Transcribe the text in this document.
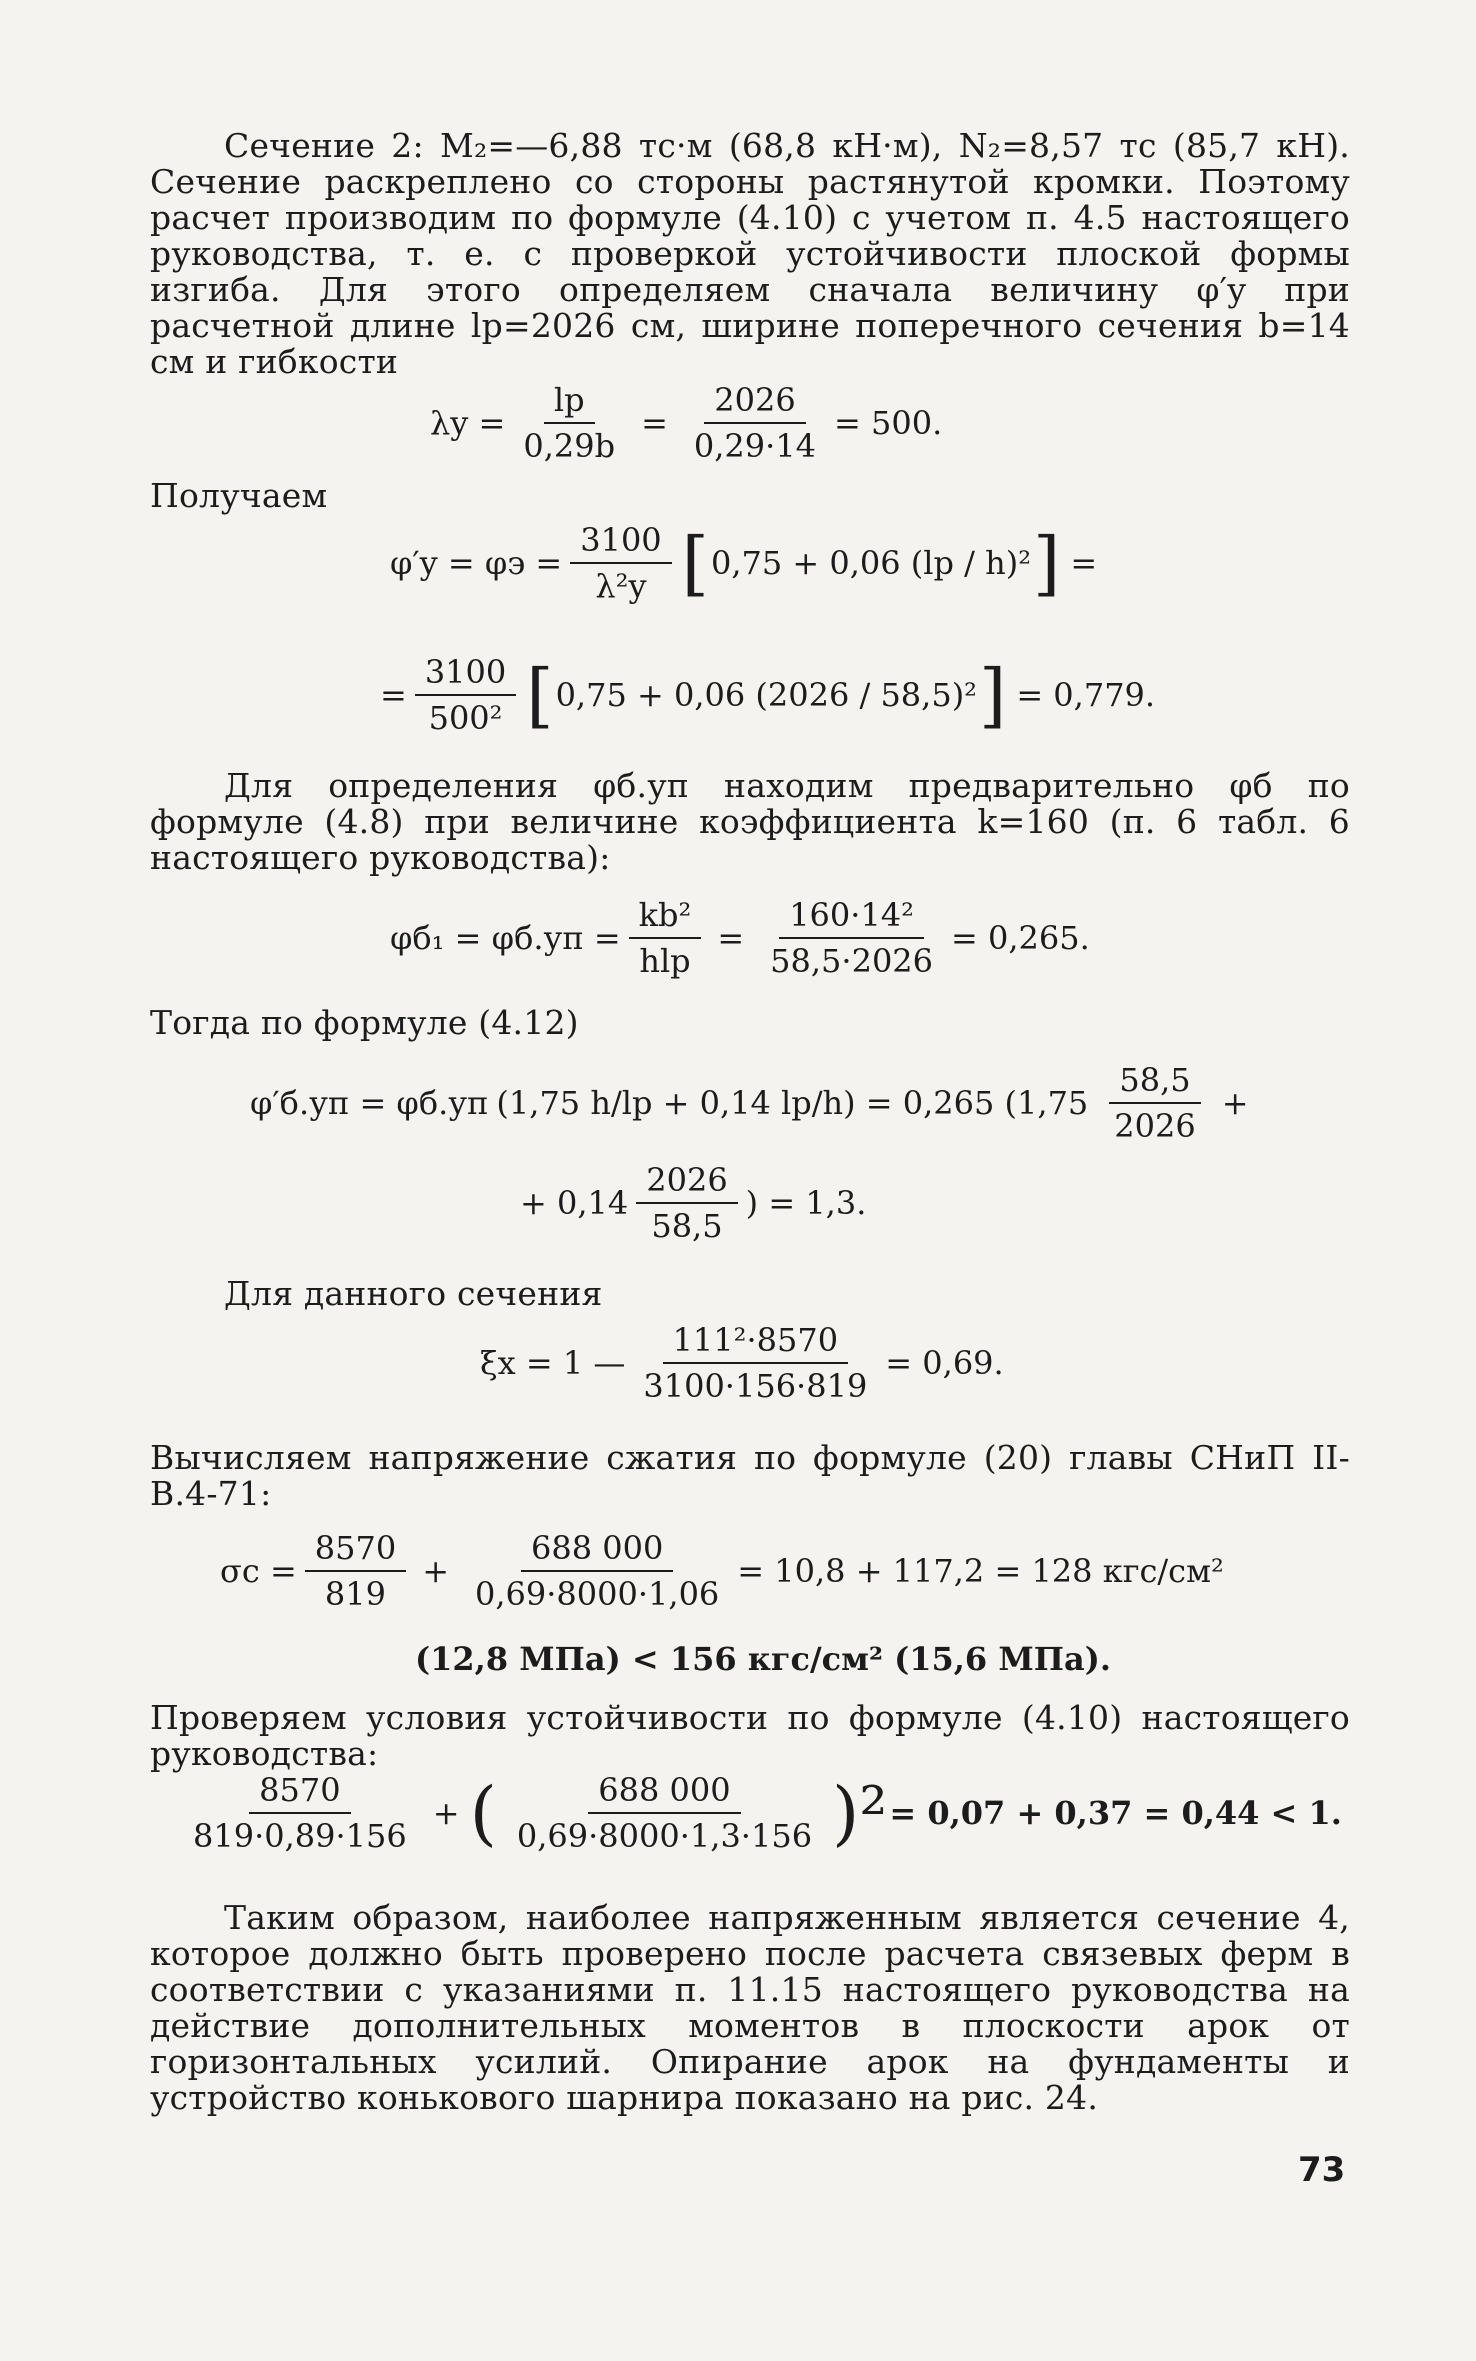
Сечение 2: M₂=—6,88 тс·м (68,8 кН·м), N₂=8,57 тс (85,7 кН). Сечение раскреплено со стороны растянутой кромки. Поэтому расчет производим по формуле (4.10) с учетом п. 4.5 настоящего руководства, т. е. с проверкой устойчивости плоской формы изгиба. Для этого определяем сначала величину φ′y при расчетной длине lр=2026 см, ширине поперечного сечения b=14 см и гибкости

$\lambda y = \frac{lр}{0,29b} = \frac{2026}{0,29\cdot 14} = 500$.

Получаем

$\varphi'y = \varphi э = \frac{3100}{\text{λ²y}}$ [ 0,75 + 0,06 (lр / h)² ] =
= $\frac{3100}{\text{500²}}$ [ 0,75 + 0,06 (2026 / 58,5)² ] = 0,779.

Для определения φб.уп находим предварительно φб по формуле (4.8) при величине коэффициента k=160 (п. 6 табл. 6 настоящего руководства):

$\varphi б_1 = \varphi б.уп = \frac{\text{kb²}}{\text{hlp}} = \frac{\text{160·14²}}{58,5\cdot 2026} = 0,265$.

Тогда по формуле (4.12)

φ′б.уп = φб.уп (1,75 h/lр + 0,14 lр/h) = 0,265 ($1,75 \frac{58,5}{2026}$ +
+ $0,14 \frac{2026}{58,5}$ ) = 1,3.

Для данного сечения

ξx = 1 — $\frac{\text{111²·8570}}{3100\cdot 156\cdot 819} = 0,69$.

Вычисляем напряжение сжатия по формуле (20) главы СНиП II-B.4-71:

$\sigma c = \frac{8570}{819} + \frac{688 000}{0,69\cdot 8000\cdot 1,06} = 10,8 + 117,2 = 128$ кгс/см²
(12,8 МПа) < 156 кгс/см² (15,6 МПа).

Проверяем условия устойчивости по формуле (4.10) настоящего руководства:

$\frac{8570}{819\cdot 0,89\cdot 156}$ + ( $\frac{688 000}{0,69\cdot 8000\cdot 1,3\cdot 156} )^2 = 0,07 + 0,37 = 0,44 < 1$.

Таким образом, наиболее напряженным является сечение 4, которое должно быть проверено после расчета связевых ферм в соответствии с указаниями п. 11.15 настоящего руководства на действие дополнительных моментов в плоскости арок от горизонтальных усилий. Опирание арок на фундаменты и устройство конькового шарнира показано на рис. 24.

73
